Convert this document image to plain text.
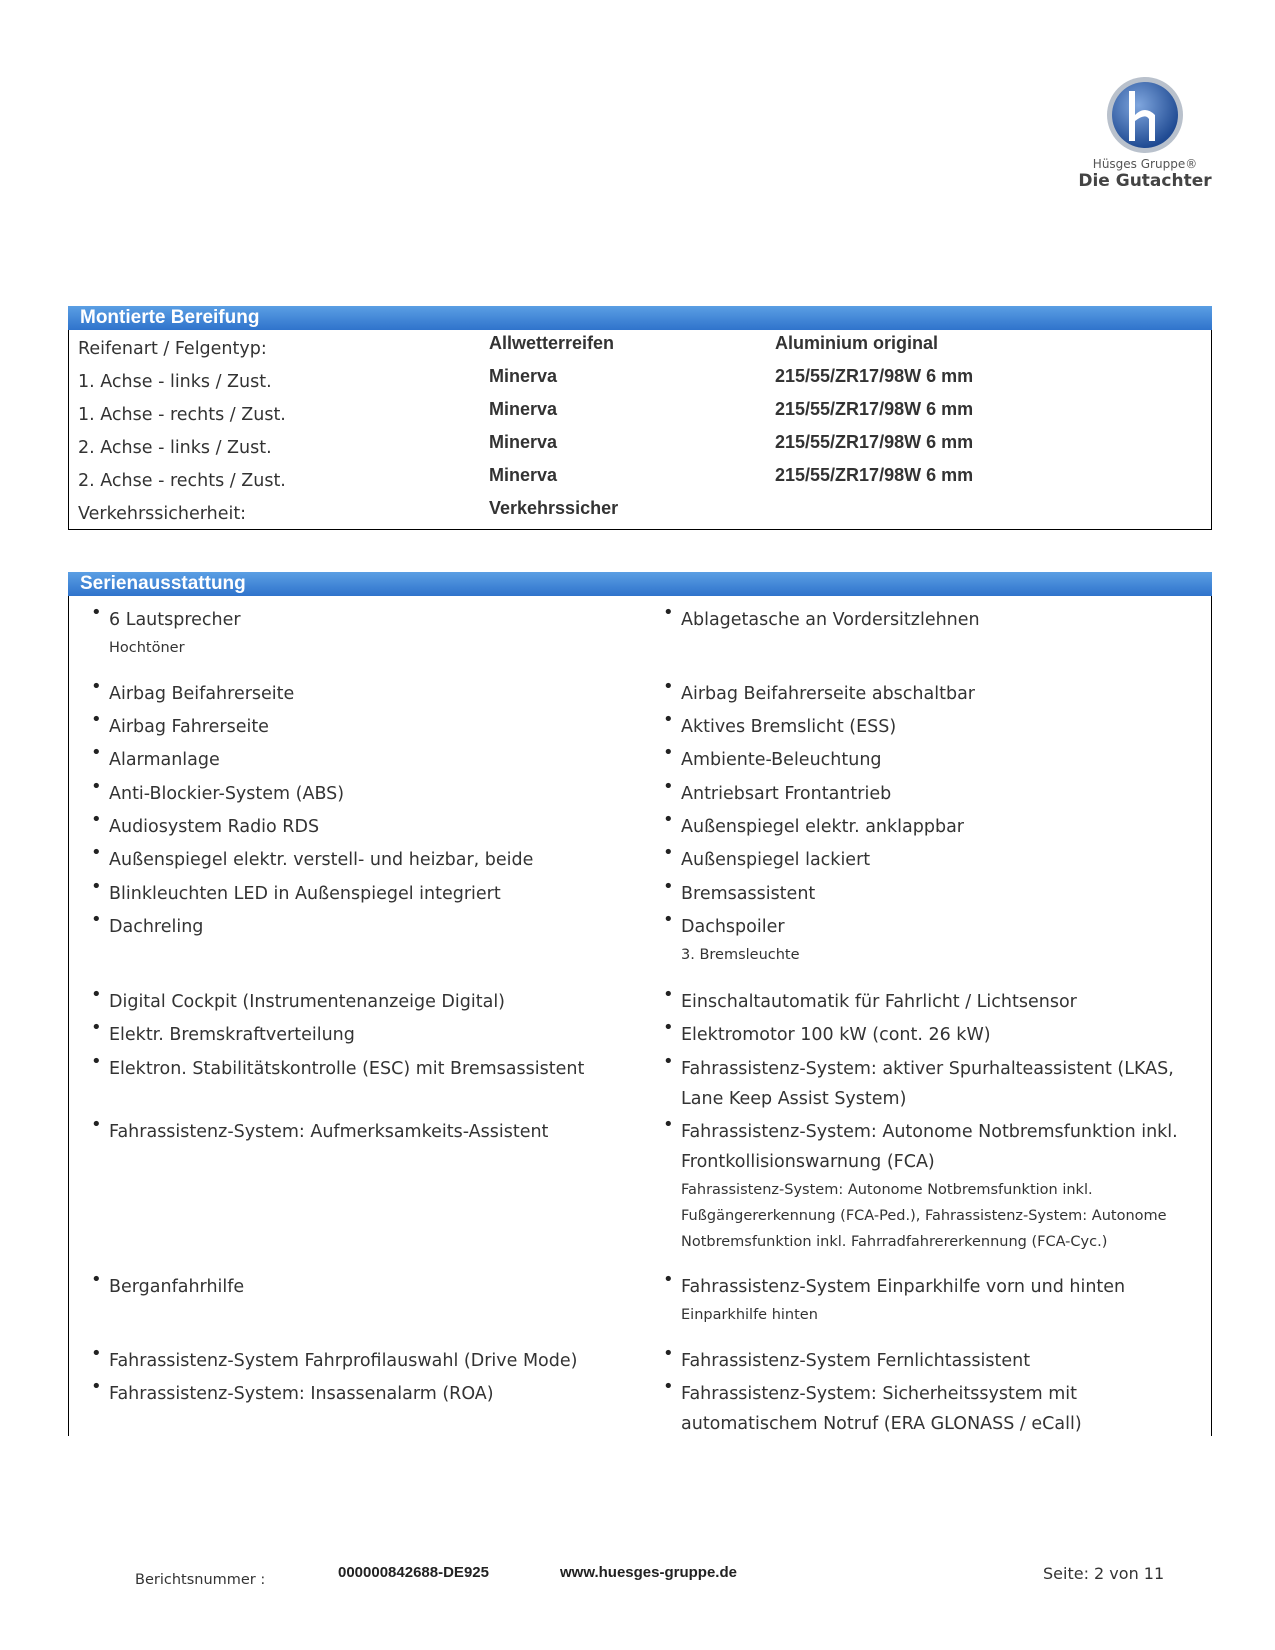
Hüsges Gruppe®
Die Gutachter
Montierte Bereifung
Reifenart / Felgentyp:	Allwetterreifen	Aluminium original
1. Achse - links / Zust.	Minerva	215/55/ZR17/98W 6 mm
1. Achse - rechts / Zust.	Minerva	215/55/ZR17/98W 6 mm
2. Achse - links / Zust.	Minerva	215/55/ZR17/98W 6 mm
2. Achse - rechts / Zust.	Minerva	215/55/ZR17/98W 6 mm
Verkehrssicherheit:	Verkehrssicher
Serienausstattung
• 6 Lautsprecher
Hochtöner
• Airbag Beifahrerseite
• Airbag Fahrerseite
• Alarmanlage
• Anti-Blockier-System (ABS)
• Audiosystem Radio RDS
• Außenspiegel elektr. verstell- und heizbar, beide
• Blinkleuchten LED in Außenspiegel integriert
• Dachreling
• Digital Cockpit (Instrumentenanzeige Digital)
• Elektr. Bremskraftverteilung
• Elektron. Stabilitätskontrolle (ESC) mit Bremsassistent
• Fahrassistenz-System: Aufmerksamkeits-Assistent
• Berganfahrhilfe
• Fahrassistenz-System Fahrprofilauswahl (Drive Mode)
• Fahrassistenz-System: Insassenalarm (ROA)
• Ablagetasche an Vordersitzlehnen
• Airbag Beifahrerseite abschaltbar
• Aktives Bremslicht (ESS)
• Ambiente-Beleuchtung
• Antriebsart Frontantrieb
• Außenspiegel elektr. anklappbar
• Außenspiegel lackiert
• Bremsassistent
• Dachspoiler
3. Bremsleuchte
• Einschaltautomatik für Fahrlicht / Lichtsensor
• Elektromotor 100 kW (cont. 26 kW)
• Fahrassistenz-System: aktiver Spurhalteassistent (LKAS, Lane Keep Assist System)
• Fahrassistenz-System: Autonome Notbremsfunktion inkl. Frontkollisionswarnung (FCA)
Fahrassistenz-System: Autonome Notbremsfunktion inkl. Fußgängererkennung (FCA-Ped.), Fahrassistenz-System: Autonome Notbremsfunktion inkl. Fahrradfahrererkennung (FCA-Cyc.)
• Fahrassistenz-System Einparkhilfe vorn und hinten
Einparkhilfe hinten
• Fahrassistenz-System Fernlichtassistent
• Fahrassistenz-System: Sicherheitssystem mit automatischem Notruf (ERA GLONASS / eCall)
Berichtsnummer :	000000842688-DE925	www.huesges-gruppe.de	Seite: 2 von 11
